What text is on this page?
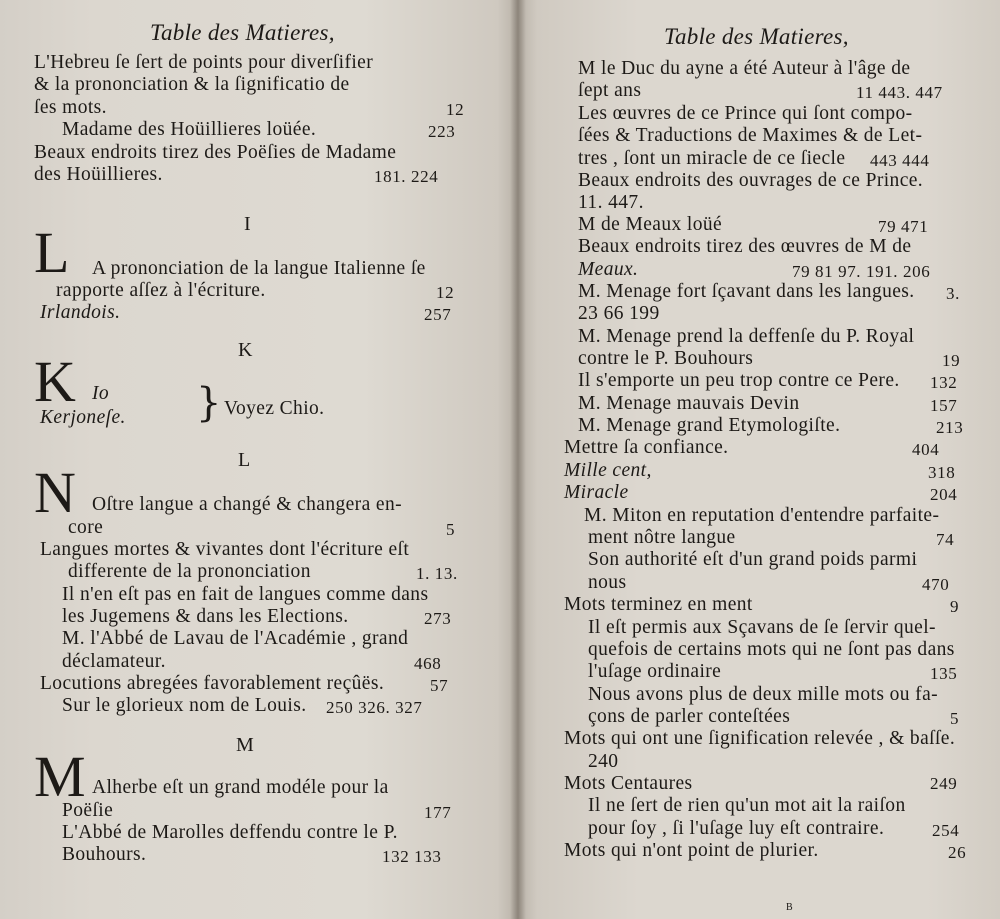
Table des Matieres,
}
L'Hebreu ſe ſert de points pour diverſifier
& la prononciation & la ſignificatio de
ſes mots.
Madame des Hoüillieres loüée.
Beaux endroits tirez des Poëſies de Madame
des Hoüillieres.
A prononciation de la langue Italienne ſe
rapporte aſſez à l'écriture.
Irlandois.
Io
Kerjoneſe.	Voyez Chio.
Oſtre langue a changé & changera en-
core
Langues mortes & vivantes dont l'écriture eſt
differente de la prononciation
Il n'en eſt pas en fait de langues comme dans
les Jugemens & dans les Elections.
M. l'Abbé de Lavau de l'Académie , grand
déclamateur.
Locutions abregées favorablement reçûës.
Sur le glorieux nom de Louis.
Alherbe eſt un grand modéle pour la
Poëſie
L'Abbé de Marolles deffendu contre le P.
Bouhours.
12
223
181. 224
12
257
5
1. 13.
273
468
57
250 326. 327
177
132 133
I
K
L
M
L
K
N
M
Table des Matieres,
B
M le Duc du ayne a été Auteur à l'âge de
ſept ans
Les œuvres de ce Prince qui ſont compo-
ſées & Traductions de Maximes & de Let-
tres , ſont un miracle de ce ſiecle
Beaux endroits des ouvrages de ce Prince.
11. 447.
M de Meaux loüé
Beaux endroits tirez des œuvres de M de
Meaux.
M. Menage fort ſçavant dans les langues.
23 66 199
M. Menage prend la deffenſe du P. Royal
contre le P. Bouhours
Il s'emporte un peu trop contre ce Pere.
M. Menage mauvais Devin
M. Menage grand Etymologiſte.
Mettre ſa confiance.
Mille cent,
Miracle
M. Miton en reputation d'entendre parfaite-
ment nôtre langue
Son authorité eſt d'un grand poids parmi
nous
Mots terminez en ment
Il eſt permis aux Sçavans de ſe ſervir quel-
quefois de certains mots qui ne ſont pas dans
l'uſage ordinaire
Nous avons plus de deux mille mots ou fa-
çons de parler conteſtées
Mots qui ont une ſignification relevée , & baſſe.
240
Mots Centaures
Il ne ſert de rien qu'un mot ait la raiſon
pour ſoy , ſi l'uſage luy eſt contraire.
Mots qui n'ont point de plurier.
11 443. 447
443 444
79 471
79 81 97. 191. 206
3.
19
132
157
213
404
318
204
74
470
9
135
5
249
254
26
